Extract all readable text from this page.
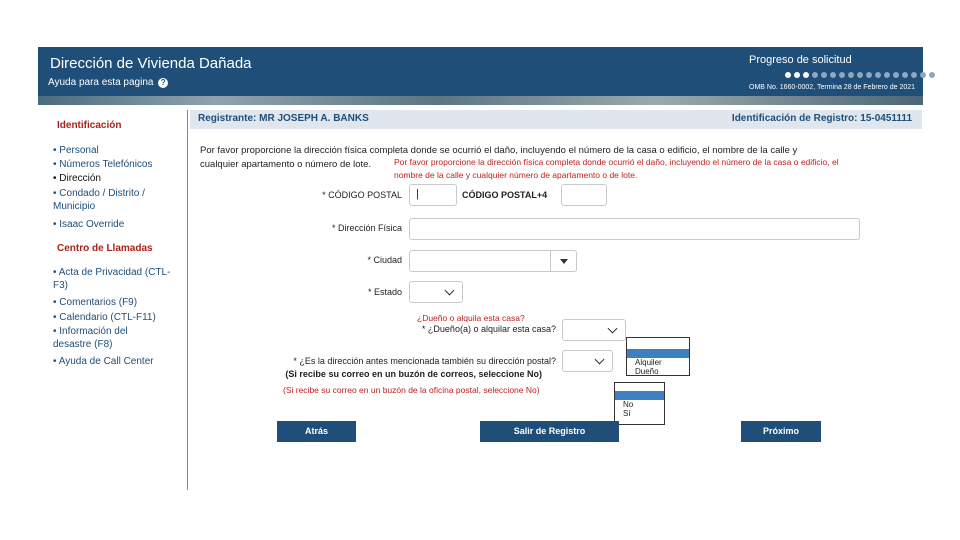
Dirección de Vivienda Dañada
Ayuda para esta pagina ?
Progreso de solicitud
OMB No. 1660-0002, Termina 28 de Febrero de 2021
Identificación
• Personal
• Números Telefónicos
• Dirección
• Condado / Distrito / Municipio
• Isaac Override
Centro de Llamadas
• Acta de Privacidad (CTL-F3)
• Comentarios (F9)
• Calendario (CTL-F11)
• Información del desastre (F8)
• Ayuda de Call Center
Registrante: MR JOSEPH A. BANKS	Identificación de Registro: 15-0451111
Por favor proporcione la dirección física completa donde se ocurrió el daño, incluyendo el número de la casa o edificio, el nombre de la calle y
cualquier apartamento o número de lote.	Por favor proporcione la dirección física completa donde ocurrió el daño, incluyendo el número de la casa o edificio, el
nombre de la calle y cualquier número de apartamento o de lote.
* CÓDIGO POSTAL	|	CÓDIGO POSTAL+4
* Dirección Física
* Ciudad
* Estado
¿Dueño o alquila esta casa?
* ¿Dueño(a) o alquilar esta casa?
Alquiler
Dueño
* ¿Es la dirección antes mencionada también su dirección postal?
(Si recibe su correo en un buzón de correos, seleccione No)
(Si recibe su correo en un buzón de la oficina postal, seleccione No)
No
Sí
Atrás	Salir de Registro	Próximo
